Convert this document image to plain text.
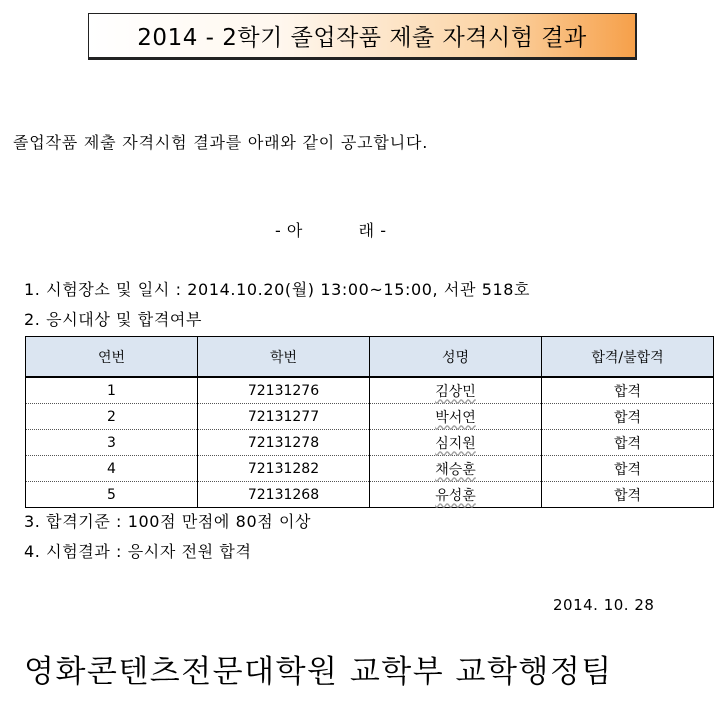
2014 - 2학기 졸업작품 제출 자격시험 결과
졸업작품 제출 자격시험 결과를 아래와 같이 공고합니다.
- 아          래 -
1. 시험장소 및 일시 : 2014.10.20(월) 13:00~15:00, 서관 518호
2. 응시대상 및 합격여부
연번	학번	성명	합격/불합격
1	72131276	김상민	합격
2	72131277	박서연	합격
3	72131278	심지원	합격
4	72131282	채승훈	합격
5	72131268	유성훈	합격
3. 합격기준 : 100점 만점에 80점 이상
4. 시험결과 : 응시자 전원 합격
2014. 10. 28
영화콘텐츠전문대학원 교학부 교학행정팀
